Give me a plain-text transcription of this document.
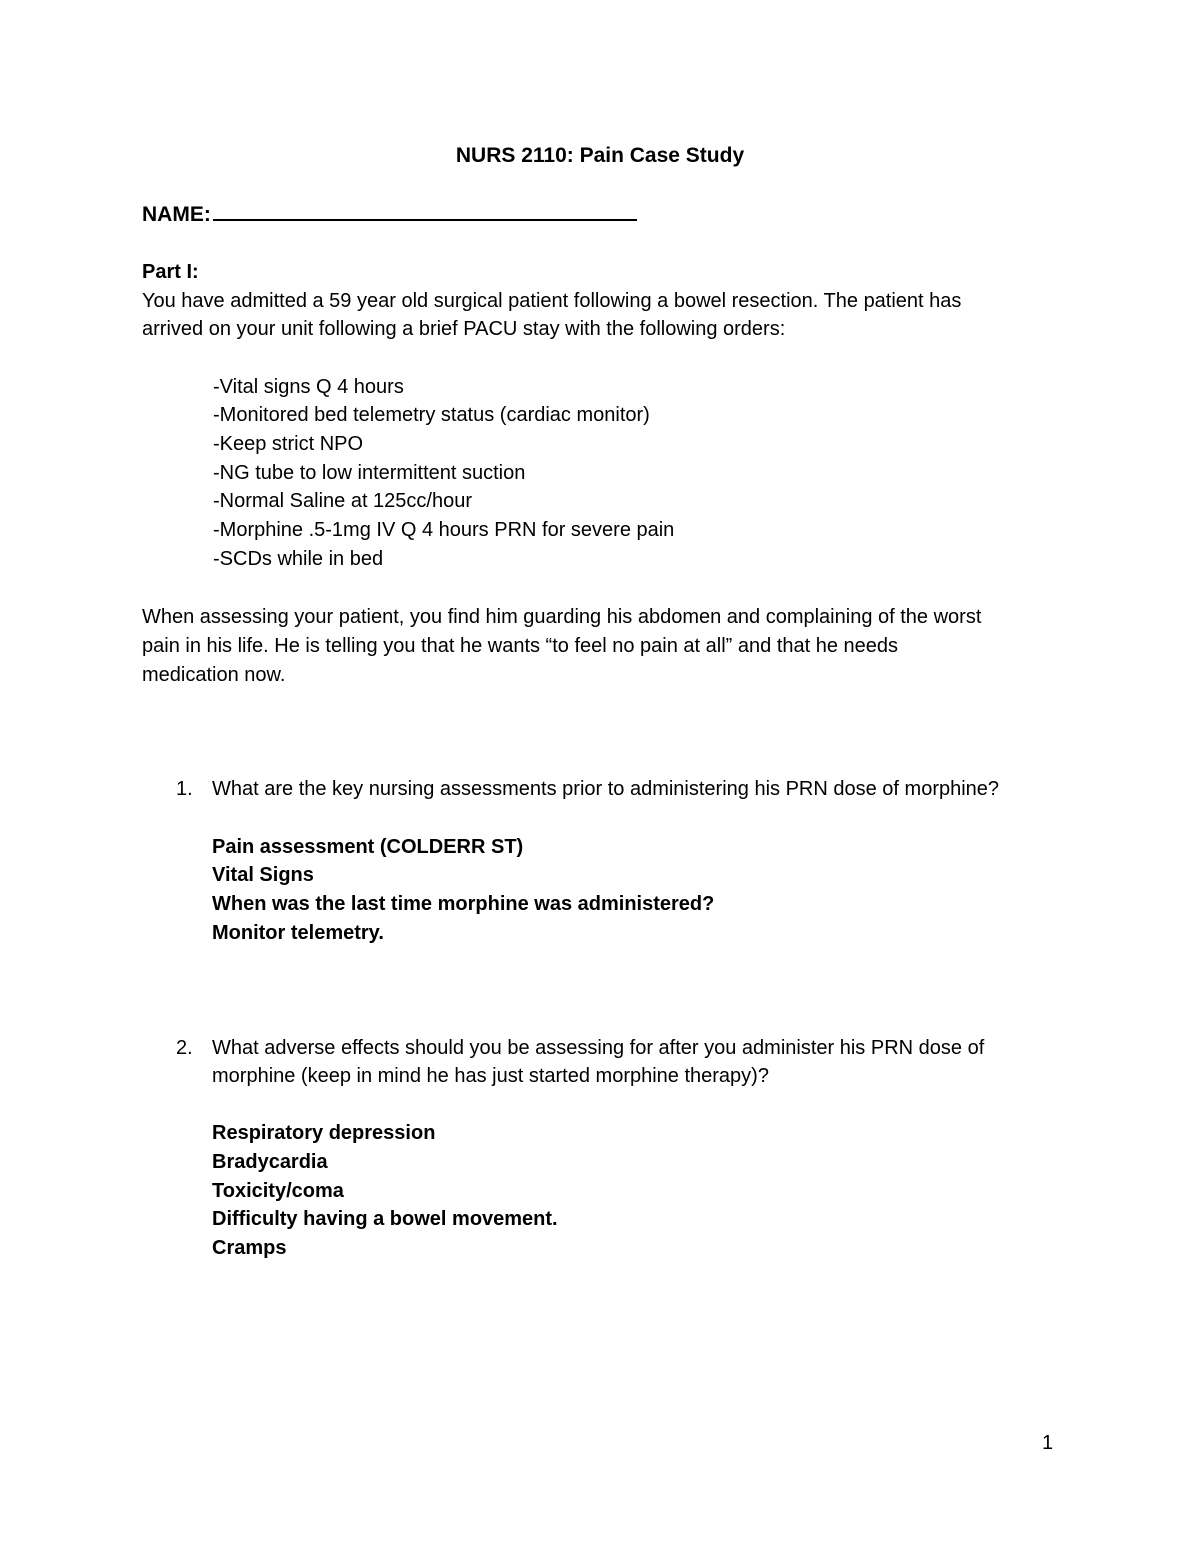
NURS 2110: Pain Case Study
NAME:
Part I:
You have admitted a 59 year old surgical patient following a bowel resection. The patient has
arrived on your unit following a brief PACU stay with the following orders:
-Vital signs Q 4 hours
-Monitored bed telemetry status (cardiac monitor)
-Keep strict NPO
-NG tube to low intermittent suction
-Normal Saline at 125cc/hour
-Morphine .5-1mg IV Q 4 hours PRN for severe pain
-SCDs while in bed
When assessing your patient, you find him guarding his abdomen and complaining of the worst
pain in his life. He is telling you that he wants “to feel no pain at all” and that he needs
medication now.
1. What are the key nursing assessments prior to administering his PRN dose of morphine?
Pain assessment (COLDERR ST)
Vital Signs
When was the last time morphine was administered?
Monitor telemetry.
2. What adverse effects should you be assessing for after you administer his PRN dose of
morphine (keep in mind he has just started morphine therapy)?
Respiratory depression
Bradycardia
Toxicity/coma
Difficulty having a bowel movement.
Cramps
1
